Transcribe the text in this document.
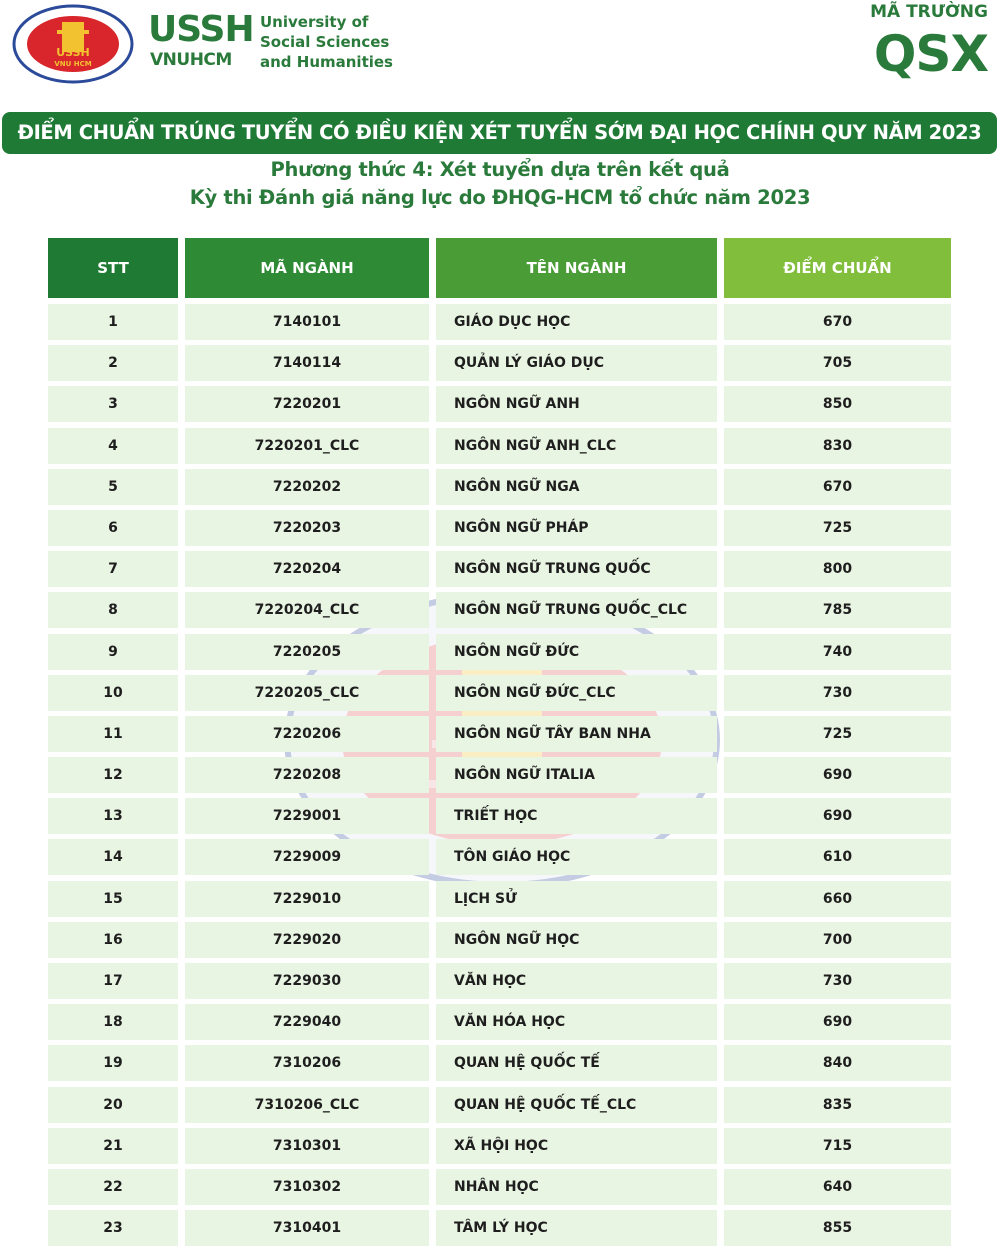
USSH
VNU HCM
USSH
VNUHCM
University of
Social Sciences
and Humanities
MÃ TRƯỜNG
QSX
ĐIỂM CHUẨN TRÚNG TUYỂN CÓ ĐIỀU KIỆN XÉT TUYỂN SỚM ĐẠI HỌC CHÍNH QUY NĂM 2023
Phương thức 4: Xét tuyển dựa trên kết quả
Kỳ thi Đánh giá năng lực do ĐHQG-HCM tổ chức năm 2023
STT	MÃ NGÀNH	TÊN NGÀNH	ĐIỂM CHUẨN
1	7140101	GIÁO DỤC HỌC	670
2	7140114	QUẢN LÝ GIÁO DỤC	705
3	7220201	NGÔN NGỮ ANH	850
4	7220201_CLC	NGÔN NGỮ ANH_CLC	830
5	7220202	NGÔN NGỮ NGA	670
6	7220203	NGÔN NGỮ PHÁP	725
7	7220204	NGÔN NGỮ TRUNG QUỐC	800
8	7220204_CLC	NGÔN NGỮ TRUNG QUỐC_CLC	785
9	7220205	NGÔN NGỮ ĐỨC	740
10	7220205_CLC	NGÔN NGỮ ĐỨC_CLC	730
11	7220206	NGÔN NGỮ TÂY BAN NHA	725
12	7220208	NGÔN NGỮ ITALIA	690
13	7229001	TRIẾT HỌC	690
14	7229009	TÔN GIÁO HỌC	610
15	7229010	LỊCH SỬ	660
16	7229020	NGÔN NGỮ HỌC	700
17	7229030	VĂN HỌC	730
18	7229040	VĂN HÓA HỌC	690
19	7310206	QUAN HỆ QUỐC TẾ	840
20	7310206_CLC	QUAN HỆ QUỐC TẾ_CLC	835
21	7310301	XÃ HỘI HỌC	715
22	7310302	NHÂN HỌC	640
23	7310401	TÂM LÝ HỌC	855
